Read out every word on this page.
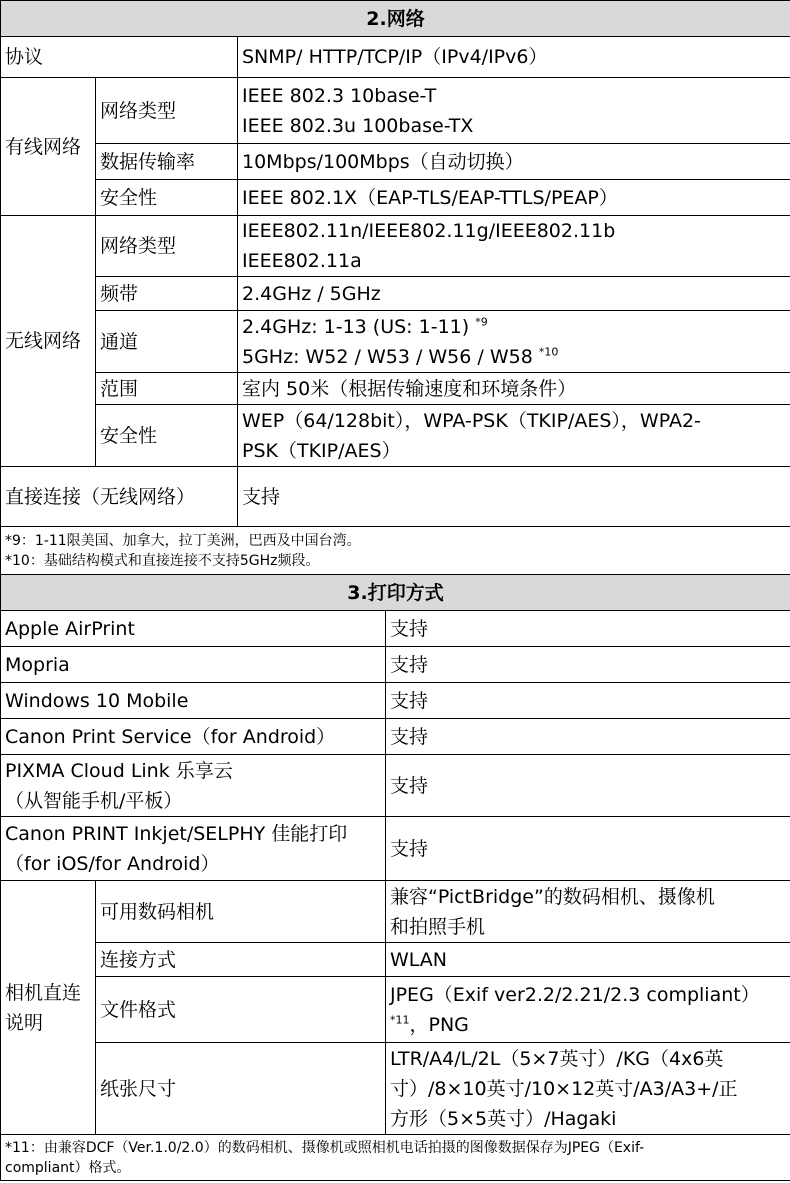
2.网络			
协议		SNMP/ HTTP/TCP/IP（IPv4/IPv6）	
有线网络	网络类型	IEEE 802.3 10base-T
IEEE 802.3u 100base-TX	

	数据传输率	10Mbps/100Mbps（自动切换）	
	安全性	IEEE 802.1X（EAP-TLS/EAP-TTLS/PEAP）	
无线网络	网络类型	IEEE802.11n/IEEE802.11g/IEEE802.11b
IEEE802.11a	

	频带	2.4GHz / 5GHz	
	通道	2.4GHz: 1-13 (US: 1-11) $^{*9}$
5GHz: W52 / W53 / W56 / W58 $^{*10}$

	范围	室内 50米（根据传输速度和环境条件）	
	安全性	WEP（64/128bit），WPA-PSK（TKIP/AES），WPA2-
PSK（TKIP/AES）	

直接连接（无线网络）		支持	

*9：1-11限美国、加拿大，拉丁美洲，巴西及中国台湾。
*10：基础结构模式和直接连接不支持5GHz频段。			

3.打印方式			
Apple AirPrint			支持
Mopria			支持
Windows 10 Mobile			支持
Canon Print Service（for Android）			支持

PIXMA Cloud Link 乐享云
（从智能手机/平板）			支持

Canon PRINT Inkjet/SELPHY 佳能打印
（for iOS/for Android）			支持

相机直连
说明	可用数码相机		兼容“PictBridge”的数码相机、摄像机
和拍照手机

	连接方式		WLAN
	文件格式		JPEG（Exif ver2.2/2.21/2.3 compliant）
$^{*11}$，PNG

	纸张尺寸		LTR/A4/L/2L（5×7英寸）/KG（4x6英
寸）/8×10英寸/10×12英寸/A3/A3+/正
方形（5×5英寸）/Hagaki

*11：由兼容DCF（Ver.1.0/2.0）的数码相机、摄像机或照相机电话拍摄的图像数据保存为JPEG（Exif-
compliant）格式。			
